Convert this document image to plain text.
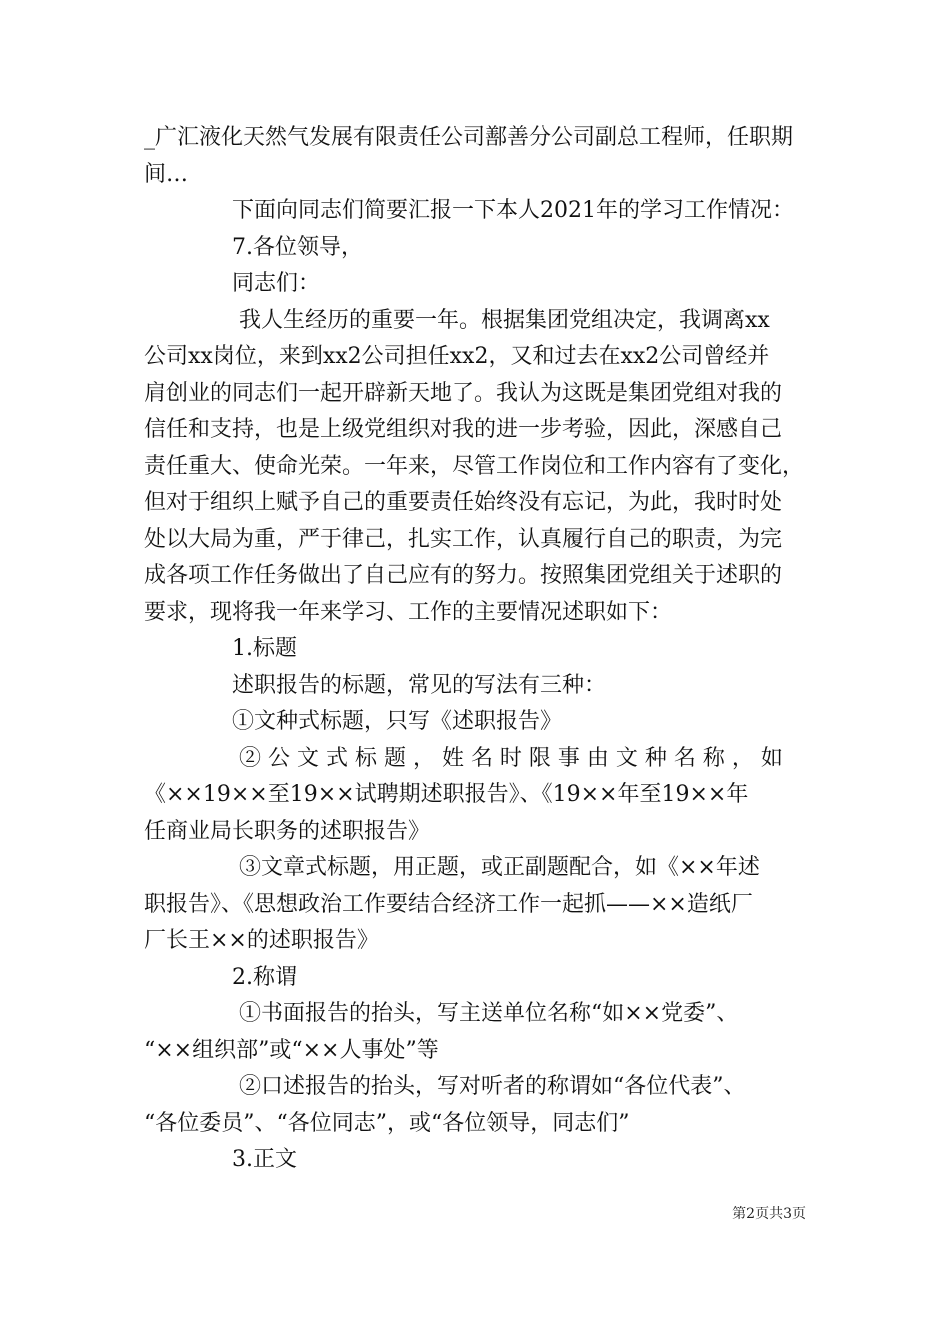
_广汇液化天然气发展有限责任公司鄯善分公司副总工程师，任职期
间…
　　　　下面向同志们简要汇报一下本人2021年的学习工作情况：
　　　　7.各位领导，
　　　　同志们：
　　　　 我人生经历的重要一年。根据集团党组决定，我调离xx
公司xx岗位，来到xx2公司担任xx2，又和过去在xx2公司曾经并
肩创业的同志们一起开辟新天地了。我认为这既是集团党组对我的
信任和支持，也是上级党组织对我的进一步考验，因此，深感自己
责任重大、使命光荣。一年来，尽管工作岗位和工作内容有了变化，
但对于组织上赋予自己的重要责任始终没有忘记，为此，我时时处
处以大局为重，严于律己，扎实工作，认真履行自己的职责，为完
成各项工作任务做出了自己应有的努力。按照集团党组关于述职的
要求，现将我一年来学习、工作的主要情况述职如下：
　　　　1.标题
　　　　述职报告的标题，常见的写法有三种：
　　　　①文种式标题，只写《述职报告》
　　　　 ② 公 文 式 标 题 ， 姓 名 时 限 事 由 文 种 名 称 ， 如
《××19××至19××试聘期述职报告》、《19××年至19××年
任商业局长职务的述职报告》
　　　　 ③文章式标题，用正题，或正副题配合，如《××年述
职报告》、《思想政治工作要结合经济工作一起抓——××造纸厂
厂长王××的述职报告》
　　　　2.称谓
　　　　 ①书面报告的抬头，写主送单位名称“如××党委”、
“××组织部”或“××人事处”等
　　　　 ②口述报告的抬头，写对听者的称谓如“各位代表”、
“各位委员”、“各位同志”，或“各位领导，同志们”
　　　　3.正文
第2页共3页
